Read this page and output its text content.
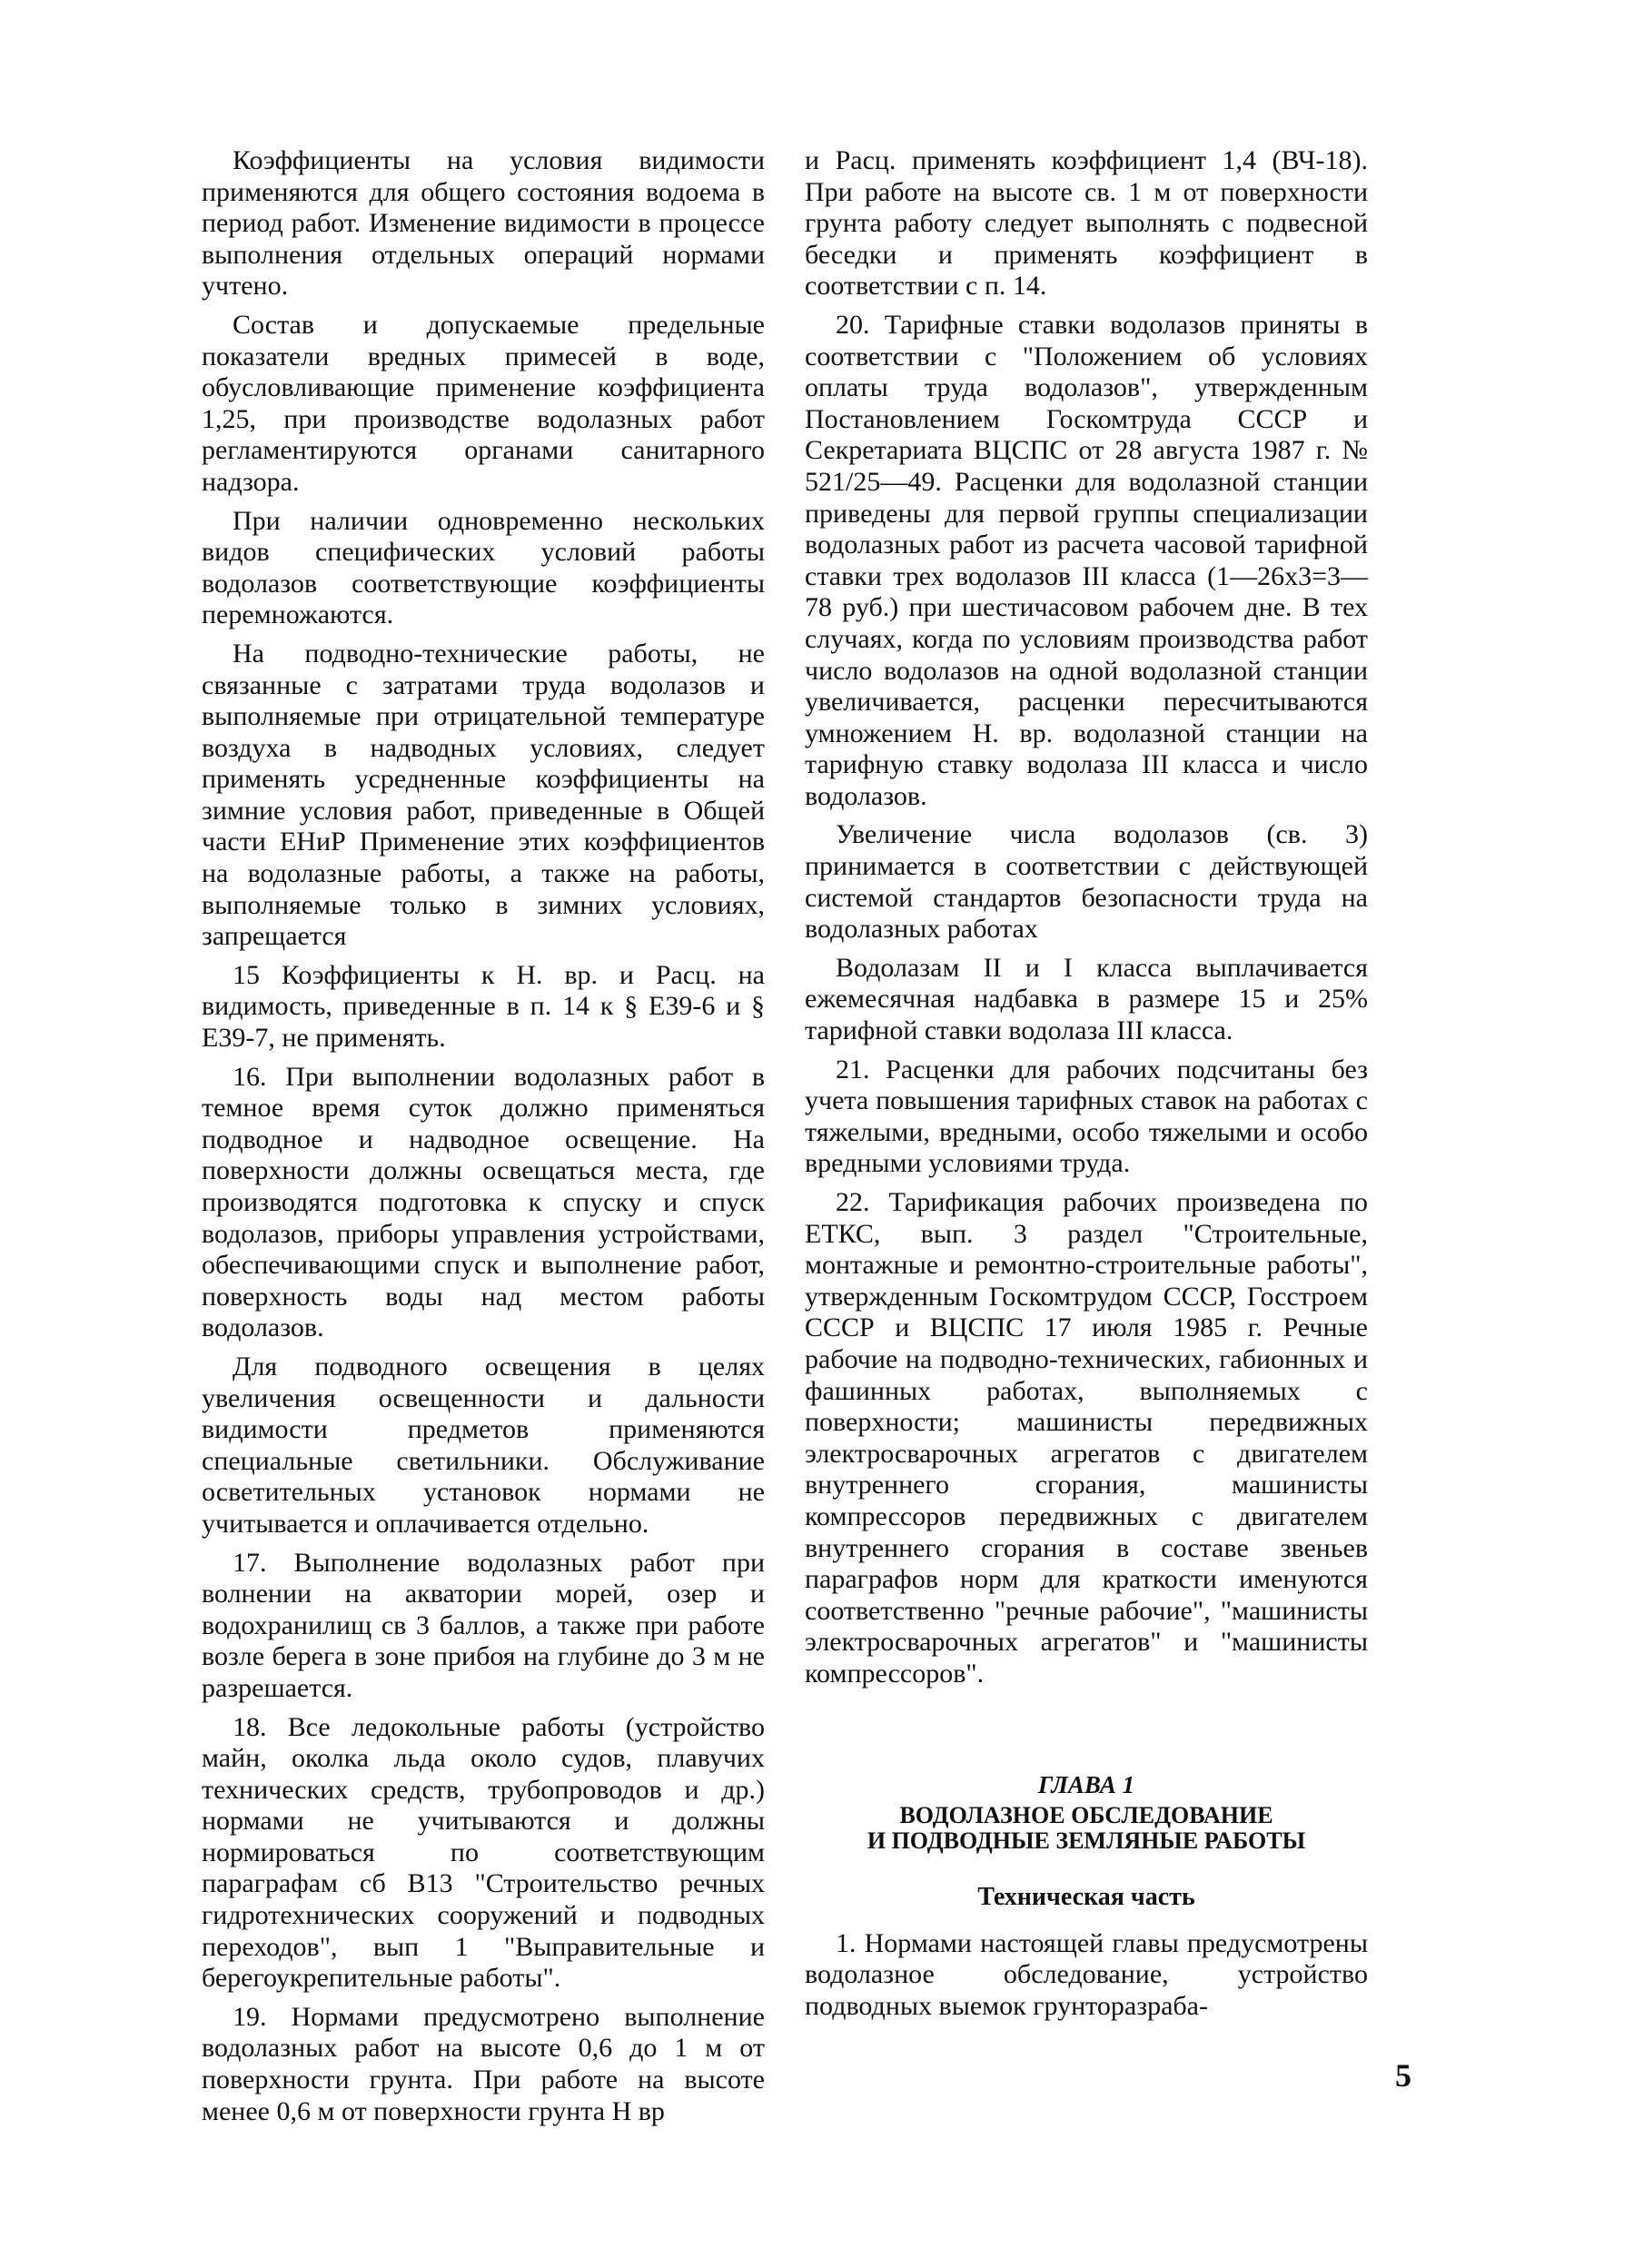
Коэффициенты на условия видимости применяются для общего состояния водоема в период работ. Изменение видимости в процессе выполнения отдельных операций нормами учтено.

Состав и допускаемые предельные показатели вредных примесей в воде, обусловливающие применение коэффициента 1,25, при производстве водолазных работ регламентируются органами санитарного надзора.

При наличии одновременно нескольких видов специфических условий работы водолазов соответствующие коэффициенты перемножаются.

На подводно-технические работы, не связанные с затратами труда водолазов и выполняемые при отрицательной температуре воздуха в надводных условиях, следует применять усредненные коэффициенты на зимние условия работ, приведенные в Общей части ЕНиР Применение этих коэффициентов на водолазные работы, а также на работы, выполняемые только в зимних условиях, запрещается

15 Коэффициенты к Н. вр. и Расц. на видимость, приведенные в п. 14 к § Е39-6 и § Е39-7, не применять.

16. При выполнении водолазных работ в темное время суток должно применяться подводное и надводное освещение. На поверхности должны освещаться места, где производятся подготовка к спуску и спуск водолазов, приборы управления устройствами, обеспечивающими спуск и выполнение работ, поверхность воды над местом работы водолазов.

Для подводного освещения в целях увеличения освещенности и дальности видимости предметов применяются специальные светильники. Обслуживание осветительных установок нормами не учитывается и оплачивается отдельно.

17. Выполнение водолазных работ при волнении на акватории морей, озер и водохранилищ св 3 баллов, а также при работе возле берега в зоне прибоя на глубине до 3 м не разрешается.

18. Все ледокольные работы (устройство майн, околка льда около судов, плавучих технических средств, трубопроводов и др.) нормами не учитываются и должны нормироваться по соответствующим параграфам сб В13 "Строительство речных гидротехнических сооружений и подводных переходов", вып 1 "Выправительные и берегоукрепительные работы".

19. Нормами предусмотрено выполнение водолазных работ на высоте 0,6 до 1 м от поверхности грунта. При работе на высоте менее 0,6 м от поверхности грунта Н вр

и Расц. применять коэффициент 1,4 (ВЧ-18). При работе на высоте св. 1 м от поверхности грунта работу следует выполнять с подвесной беседки и применять коэффициент в соответствии с п. 14.

20. Тарифные ставки водолазов приняты в соответствии с "Положением об условиях оплаты труда водолазов", утвержденным Постановлением Госкомтруда СССР и Секретариата ВЦСПС от 28 августа 1987 г. № 521/25—49. Расценки для водолазной станции приведены для первой группы специализации водолазных работ из расчета часовой тарифной ставки трех водолазов III класса (1—26х3=3—78 руб.) при шестичасовом рабочем дне. В тех случаях, когда по условиям производства работ число водолазов на одной водолазной станции увеличивается, расценки пересчитываются умножением Н. вр. водолазной станции на тарифную ставку водолаза III класса и число водолазов.

Увеличение числа водолазов (св. 3) принимается в соответствии с действующей системой стандартов безопасности труда на водолазных работах

Водолазам II и I класса выплачивается ежемесячная надбавка в размере 15 и 25% тарифной ставки водолаза III класса.

21. Расценки для рабочих подсчитаны без учета повышения тарифных ставок на работах с тяжелыми, вредными, особо тяжелыми и особо вредными условиями труда.

22. Тарификация рабочих произведена по ЕТКС, вып. 3 раздел "Строительные, монтажные и ремонтно-строительные работы", утвержденным Госкомтрудом СССР, Госстроем СССР и ВЦСПС 17 июля 1985 г. Речные рабочие на подводно-технических, габионных и фашинных работах, выполняемых с поверхности; машинисты передвижных электросварочных агрегатов с двигателем внутреннего сгорания, машинисты компрессоров передвижных с двигателем внутреннего сгорания в составе звеньев параграфов норм для краткости именуются соответственно "речные рабочие", "машинисты электросварочных агрегатов" и "машинисты компрессоров".

ГЛАВА 1
ВОДОЛАЗНОЕ ОБСЛЕДОВАНИЕ
И ПОДВОДНЫЕ ЗЕМЛЯНЫЕ РАБОТЫ
Техническая часть

1. Нормами настоящей главы предусмотрены водолазное обследование, устройство подводных выемок грунторазраба-

5
